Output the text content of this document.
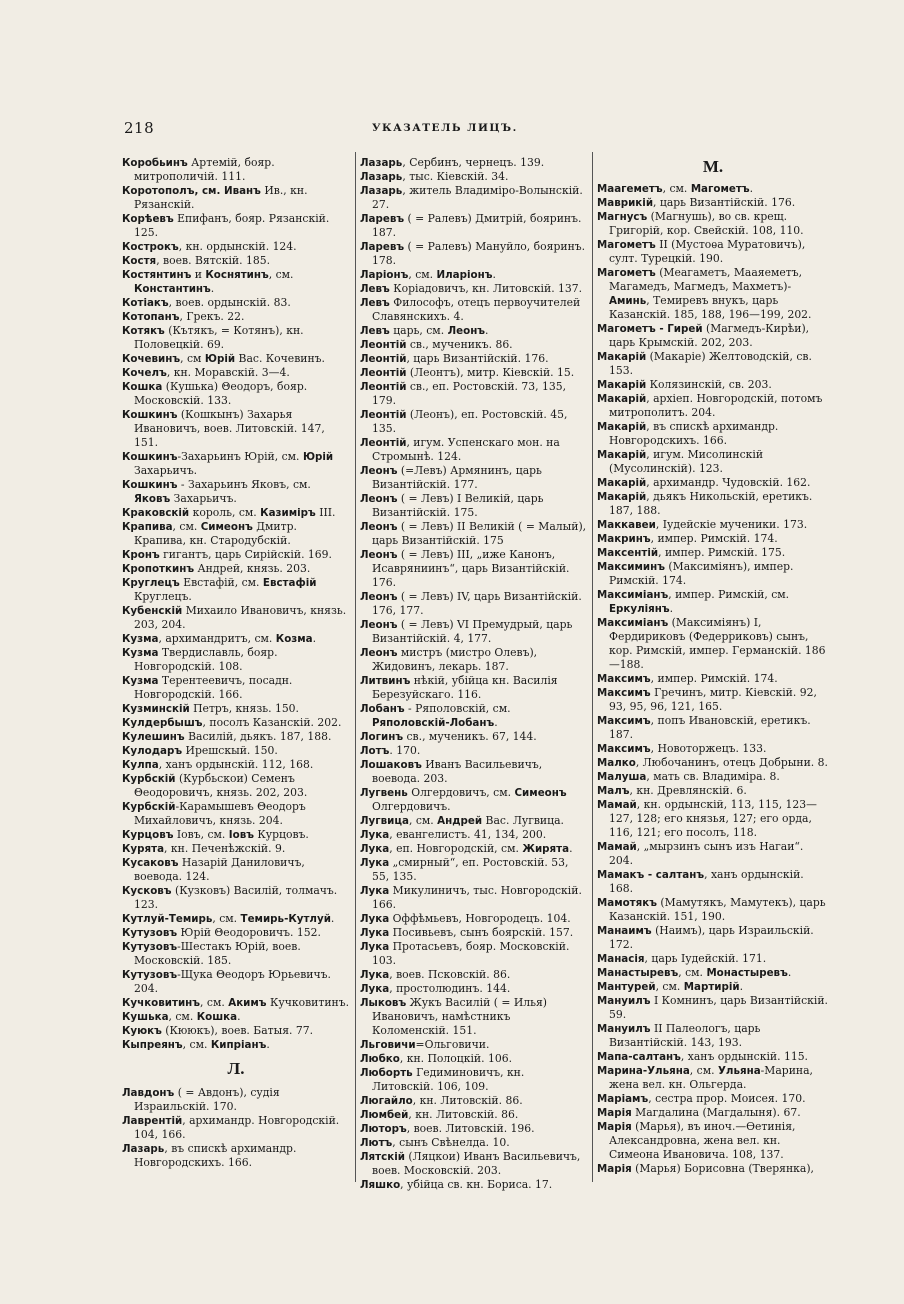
218	УКАЗАТЕЛЬ ЛИЦЪ.

Коробьинъ Артемій, бояр. митрополичій. 111.

Коротополъ, см. Иванъ Ив., кн. Рязанскій.

Корѣевъ Епифанъ, бояр. Рязанскій. 125.

Кострокъ, кн. ордынскій. 124.

Костя, воев. Вятскій. 185.

Костянтинъ и Коснятинъ, см. Константинъ.

Котіакъ, воев. ордынскій. 83.

Котопанъ, Грекъ. 22.

Котякъ (Кътякъ, = Котянъ), кн. Половецкій. 69.

Кочевинъ, см Юрій Вас. Кочевинъ.

Кочелъ, кн. Моравскій. 3—4.

Кошка (Кушька) Θеодоръ, бояр. Московскій. 133.

Кошкинъ (Кошкынъ) Захарья Ивановичъ, воев. Литовскій. 147, 151.

Кошкинъ-Захарьинъ Юрій, см. Юрій Захарьичъ.

Кошкинъ - Захарьинъ Яковъ, см. Яковъ Захарьичъ.

Краковскій король, см. Казиміръ III.

Крапива, см. Симеонъ Дмитр. Крапива, кн. Стародубскій.

Кронъ гигантъ, царь Сирійскій. 169.

Кропоткинъ Андрей, князь. 203.

Круглецъ Евстафій, см. Евстафій Круглецъ.

Кубенскій Михаило Ивановичъ, князь. 203, 204.

Кузма, архимандритъ, см. Козма.

Кузма Твердиславль, бояр. Новгородскій. 108.

Кузма Терентеевичъ, посадн. Новгородскій. 166.

Кузминскій Петръ, князь. 150.

Кулдербышъ, посолъ Казанскій. 202.

Кулешинъ Василій, дьякъ. 187, 188.

Кулодаръ Ирешскый. 150.

Кулпа, ханъ ордынскій. 112, 168.

Курбскій (Курбьскои) Семенъ Θеодоровичъ, князь. 202, 203.

Курбскій-Карамышевъ Θеодоръ Михайловичъ, князь. 204.

Курцовъ Іовъ, см. Іовъ Курцовъ.

Курята, кн. Печенѣжскій. 9.

Кусаковъ Назарій Даниловичъ, воевода. 124.

Кусковъ (Кузковъ) Василій, толмачъ. 123.

Кутлуй-Темирь, см. Темирь-Кутлуй.

Кутузовъ Юрій Θеодоровичъ. 152.

Кутузовъ-Шестакъ Юрій, воев. Московскій. 185.

Кутузовъ-Щука Θеодоръ Юрьевичъ. 204.

Кучковитинъ, см. Акимъ Кучковитинъ.

Кушька, см. Кошка.

Куюкъ (Кююкъ), воев. Батыя. 77.

Кыпреянъ, см. Кипріанъ.

Л.

Лавдонъ ( = Авдонъ), судія Израильскій. 170.

Лаврентій, архимандр. Новгородскій. 104, 166.

Лазарь, въ спискѣ архимандр. Новгородскихъ. 166.

Лазарь, Сербинъ, чернецъ. 139.

Лазарь, тыс. Кіевскій. 34.

Лазарь, житель Владиміро-Волынскій. 27.

Ларевъ ( = Ралевъ) Дмитрій, бояринъ. 187.

Ларевъ ( = Ралевъ) Мануйло, бояринъ. 178.

Ларіонъ, см. Иларіонъ.

Левъ Коріадовичъ, кн. Литовскій. 137.

Левъ Философъ, отецъ первоучителей Славянскихъ. 4.

Левъ царь, см. Леонъ.

Леонтій св., мученикъ. 86.

Леонтій, царь Византійскій. 176.

Леонтій (Леонтъ), митр. Кіевскій. 15.

Леонтій св., еп. Ростовскій. 73, 135, 179.

Леонтій (Леонъ), еп. Ростовскій. 45, 135.

Леонтій, игум. Успенскаго мон. на Стромынѣ. 124.

Леонъ (=Левъ) Армянинъ, царь Византійскій. 177.

Леонъ ( = Левъ) I Великій, царь Византійскій. 175.

Леонъ ( = Левъ) II Великій ( = Малый), царь Византійскій. 175

Леонъ ( = Левъ) III, „иже Канонъ, Исавряниинъ“, царь Византійскій. 176.

Леонъ ( = Левъ) IV, царь Византійскій. 176, 177.

Леонъ ( = Левъ) VI Премудрый, царь Византійскій. 4, 177.

Леонъ мистръ (мистро Олевъ), Жидовинъ, лекарь. 187.

Литвинъ нѣкій, убійца кн. Василія Березуйскаго. 116.

Лобанъ - Ряполовскій, см. Ряполовскій-Лобанъ.

Логинъ св., мученикъ. 67, 144.

Лотъ. 170.

Лошаковъ Иванъ Васильевичъ, воевода. 203.

Лугвень Олгердовичъ, см. Симеонъ Олгердовичъ.

Лугвица, см. Андрей Вас. Лугвица.

Лука, евангелистъ. 41, 134, 200.

Лука, еп. Новгородскій, см. Жирята.

Лука „смирный“, еп. Ростовскій. 53, 55, 135.

Лука Микулиничъ, тыс. Новгородскій. 166.

Лука Оффѣмьевъ, Новгородецъ. 104.

Лука Посивьевъ, сынъ боярскій. 157.

Лука Протасьевъ, бояр. Московскій. 103.

Лука, воев. Псковскій. 86.

Лука, простолюдинъ. 144.

Лыковъ Жукъ Василій ( = Илья) Ивановичъ, намѣстникъ Коломенскій. 151.

Льговичи=Ольговичи.

Любко, кн. Полоцкій. 106.

Люборть Гедиминовичъ, кн. Литовскій. 106, 109.

Люгайло, кн. Литовскій. 86.

Люмбей, кн. Литовскій. 86.

Люторъ, воев. Литовскій. 196.

Лютъ, сынъ Свѣнелда. 10.

Лятскій (Ляцкои) Иванъ Васильевичъ, воев. Московскій. 203.

Ляшко, убійца св. кн. Бориса. 17.

М.

Маагеметъ, см. Магометъ.

Маврикій, царь Византійскій. 176.

Магнусъ (Магнушь), во св. крещ. Григорій, кор. Свейскій. 108, 110.

Магометъ II (Мустоѳа Муратовичъ), султ. Турецкій. 190.

Магометъ (Меагаметъ, Мааяеметъ, Магамедъ, Магмедъ, Махметъ)-Аминь, Темиревъ внукъ, царь Казанскій. 185, 188, 196—199, 202.

Магометъ - Гирей (Магмедъ-Кирѣи), царь Крымскій. 202, 203.

Макарій (Макаріе) Желтоводскій, св. 153.

Макарій Колязинскій, св. 203.

Макарій, архіеп. Новгородскій, потомъ митрополитъ. 204.

Макарій, въ спискѣ архимандр. Новгородскихъ. 166.

Макарій, игум. Мисолинскій (Мусолинскій). 123.

Макарій, архимандр. Чудовскій. 162.

Макарій, дьякъ Никольскій, еретикъ. 187, 188.

Маккавеи, Іудейскіе мученики. 173.

Макринъ, импер. Римскій. 174.

Максентій, импер. Римскій. 175.

Максиминъ (Максиміянъ), импер. Римскій. 174.

Максиміанъ, импер. Римскій, см. Еркуліянъ.

Максиміанъ (Максиміянъ) I, Фердириковъ (Федерриковъ) сынъ, кор. Римскій, импер. Германскій. 186—188.

Максимъ, импер. Римскій. 174.

Максимъ Гречинъ, митр. Кіевскій. 92, 93, 95, 96, 121, 165.

Максимъ, попъ Ивановскій, еретикъ. 187.

Максимъ, Новоторжецъ. 133.

Малко, Любочанинъ, отецъ Добрыни. 8.

Малуша, мать св. Владиміра. 8.

Малъ, кн. Древлянскій. 6.

Мамай, кн. ордынскій, 113, 115, 123—127, 128; его князья, 127; его орда, 116, 121; его посолъ, 118.

Мамай, „мырзинъ сынъ изъ Нагаи“. 204.

Мамакъ - салтанъ, ханъ ордынскій. 168.

Мамотякъ (Мамутякъ, Мамутекъ), царь Казанскій. 151, 190.

Манаимъ (Наимъ), царь Израильскій. 172.

Манасія, царь Іудейскій. 171.

Манастыревъ, см. Монастыревъ.

Мантурей, см. Мартирій.

Мануилъ I Комнинъ, царь Византійскій. 59.

Мануилъ II Палеологъ, царь Византійскій. 143, 193.

Мапа-салтанъ, ханъ ордынскій. 115.

Марина-Ульяна, см. Ульяна-Марина, жена вел. кн. Ольгерда.

Маріамъ, сестра прор. Моисея. 170.

Марія Магдалина (Магдалыня). 67.

Марія (Марья), въ иноч.—Ѳетинія, Александровна, жена вел. кн. Симеона Ивановича. 108, 137.

Марія (Марья) Борисовна (Тверянка),
